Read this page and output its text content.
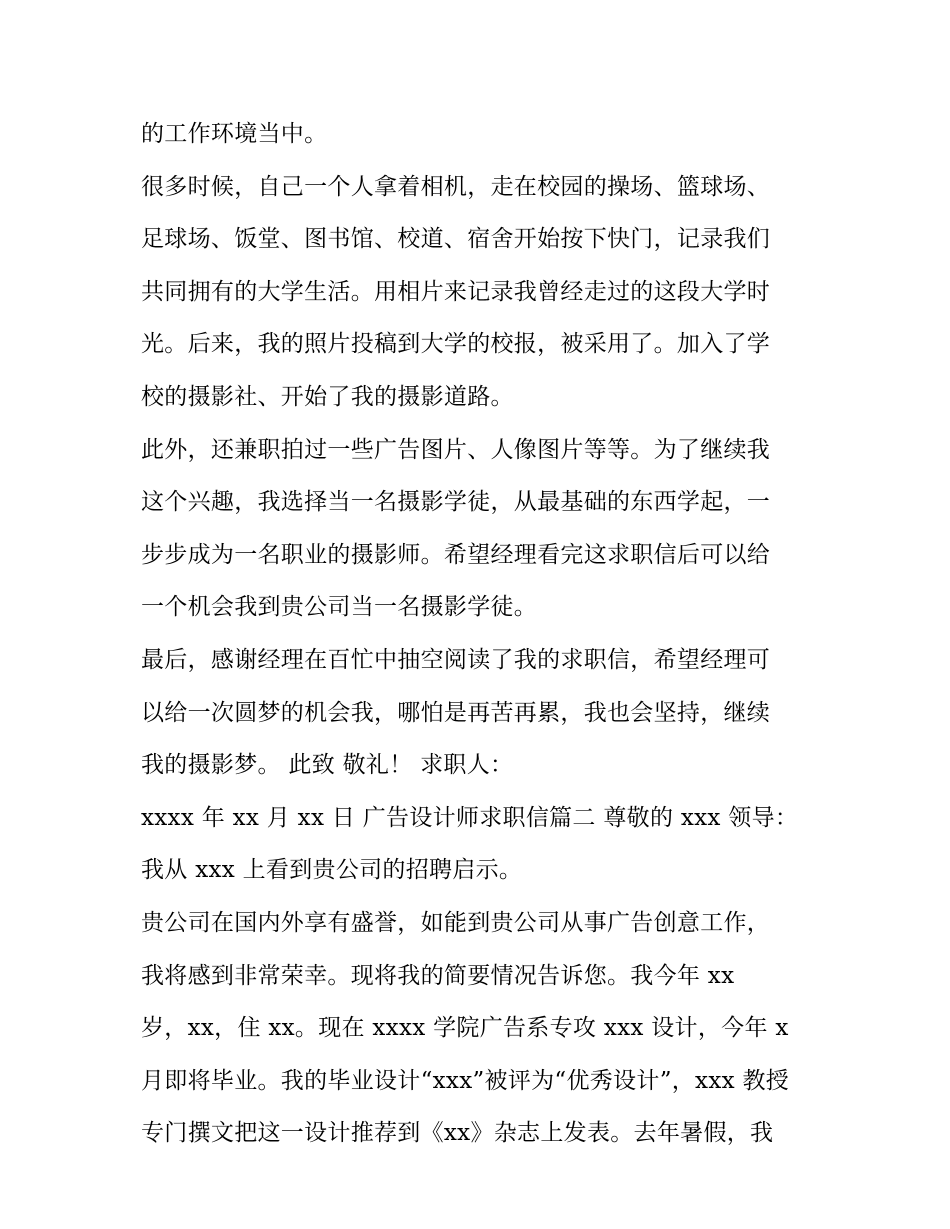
的工作环境当中。
很多时候，自己一个人拿着相机，走在校园的操场、篮球场、
足球场、饭堂、图书馆、校道、宿舍开始按下快门，记录我们
共同拥有的大学生活。用相片来记录我曾经走过的这段大学时
光。后来，我的照片投稿到大学的校报，被采用了。加入了学
校的摄影社、开始了我的摄影道路。
此外，还兼职拍过一些广告图片、人像图片等等。为了继续我
这个兴趣，我选择当一名摄影学徒，从最基础的东西学起，一
步步成为一名职业的摄影师。希望经理看完这求职信后可以给
一个机会我到贵公司当一名摄影学徒。
最后，感谢经理在百忙中抽空阅读了我的求职信，希望经理可
以给一次圆梦的机会我，哪怕是再苦再累，我也会坚持，继续
我的摄影梦。 此致 敬礼！ 求职人：
xxxx 年 xx 月 xx 日 广告设计师求职信篇二 尊敬的 xxx 领导：
我从 xxx 上看到贵公司的招聘启示。
贵公司在国内外享有盛誉，如能到贵公司从事广告创意工作，
我将感到非常荣幸。现将我的简要情况告诉您。我今年 xx
岁，xx，住 xx。现在 xxxx 学院广告系专攻 xxx 设计，今年 x
月即将毕业。我的毕业设计“xxx”被评为“优秀设计”，xxx 教授
专门撰文把这一设计推荐到《xx》杂志上发表。去年暑假，我
